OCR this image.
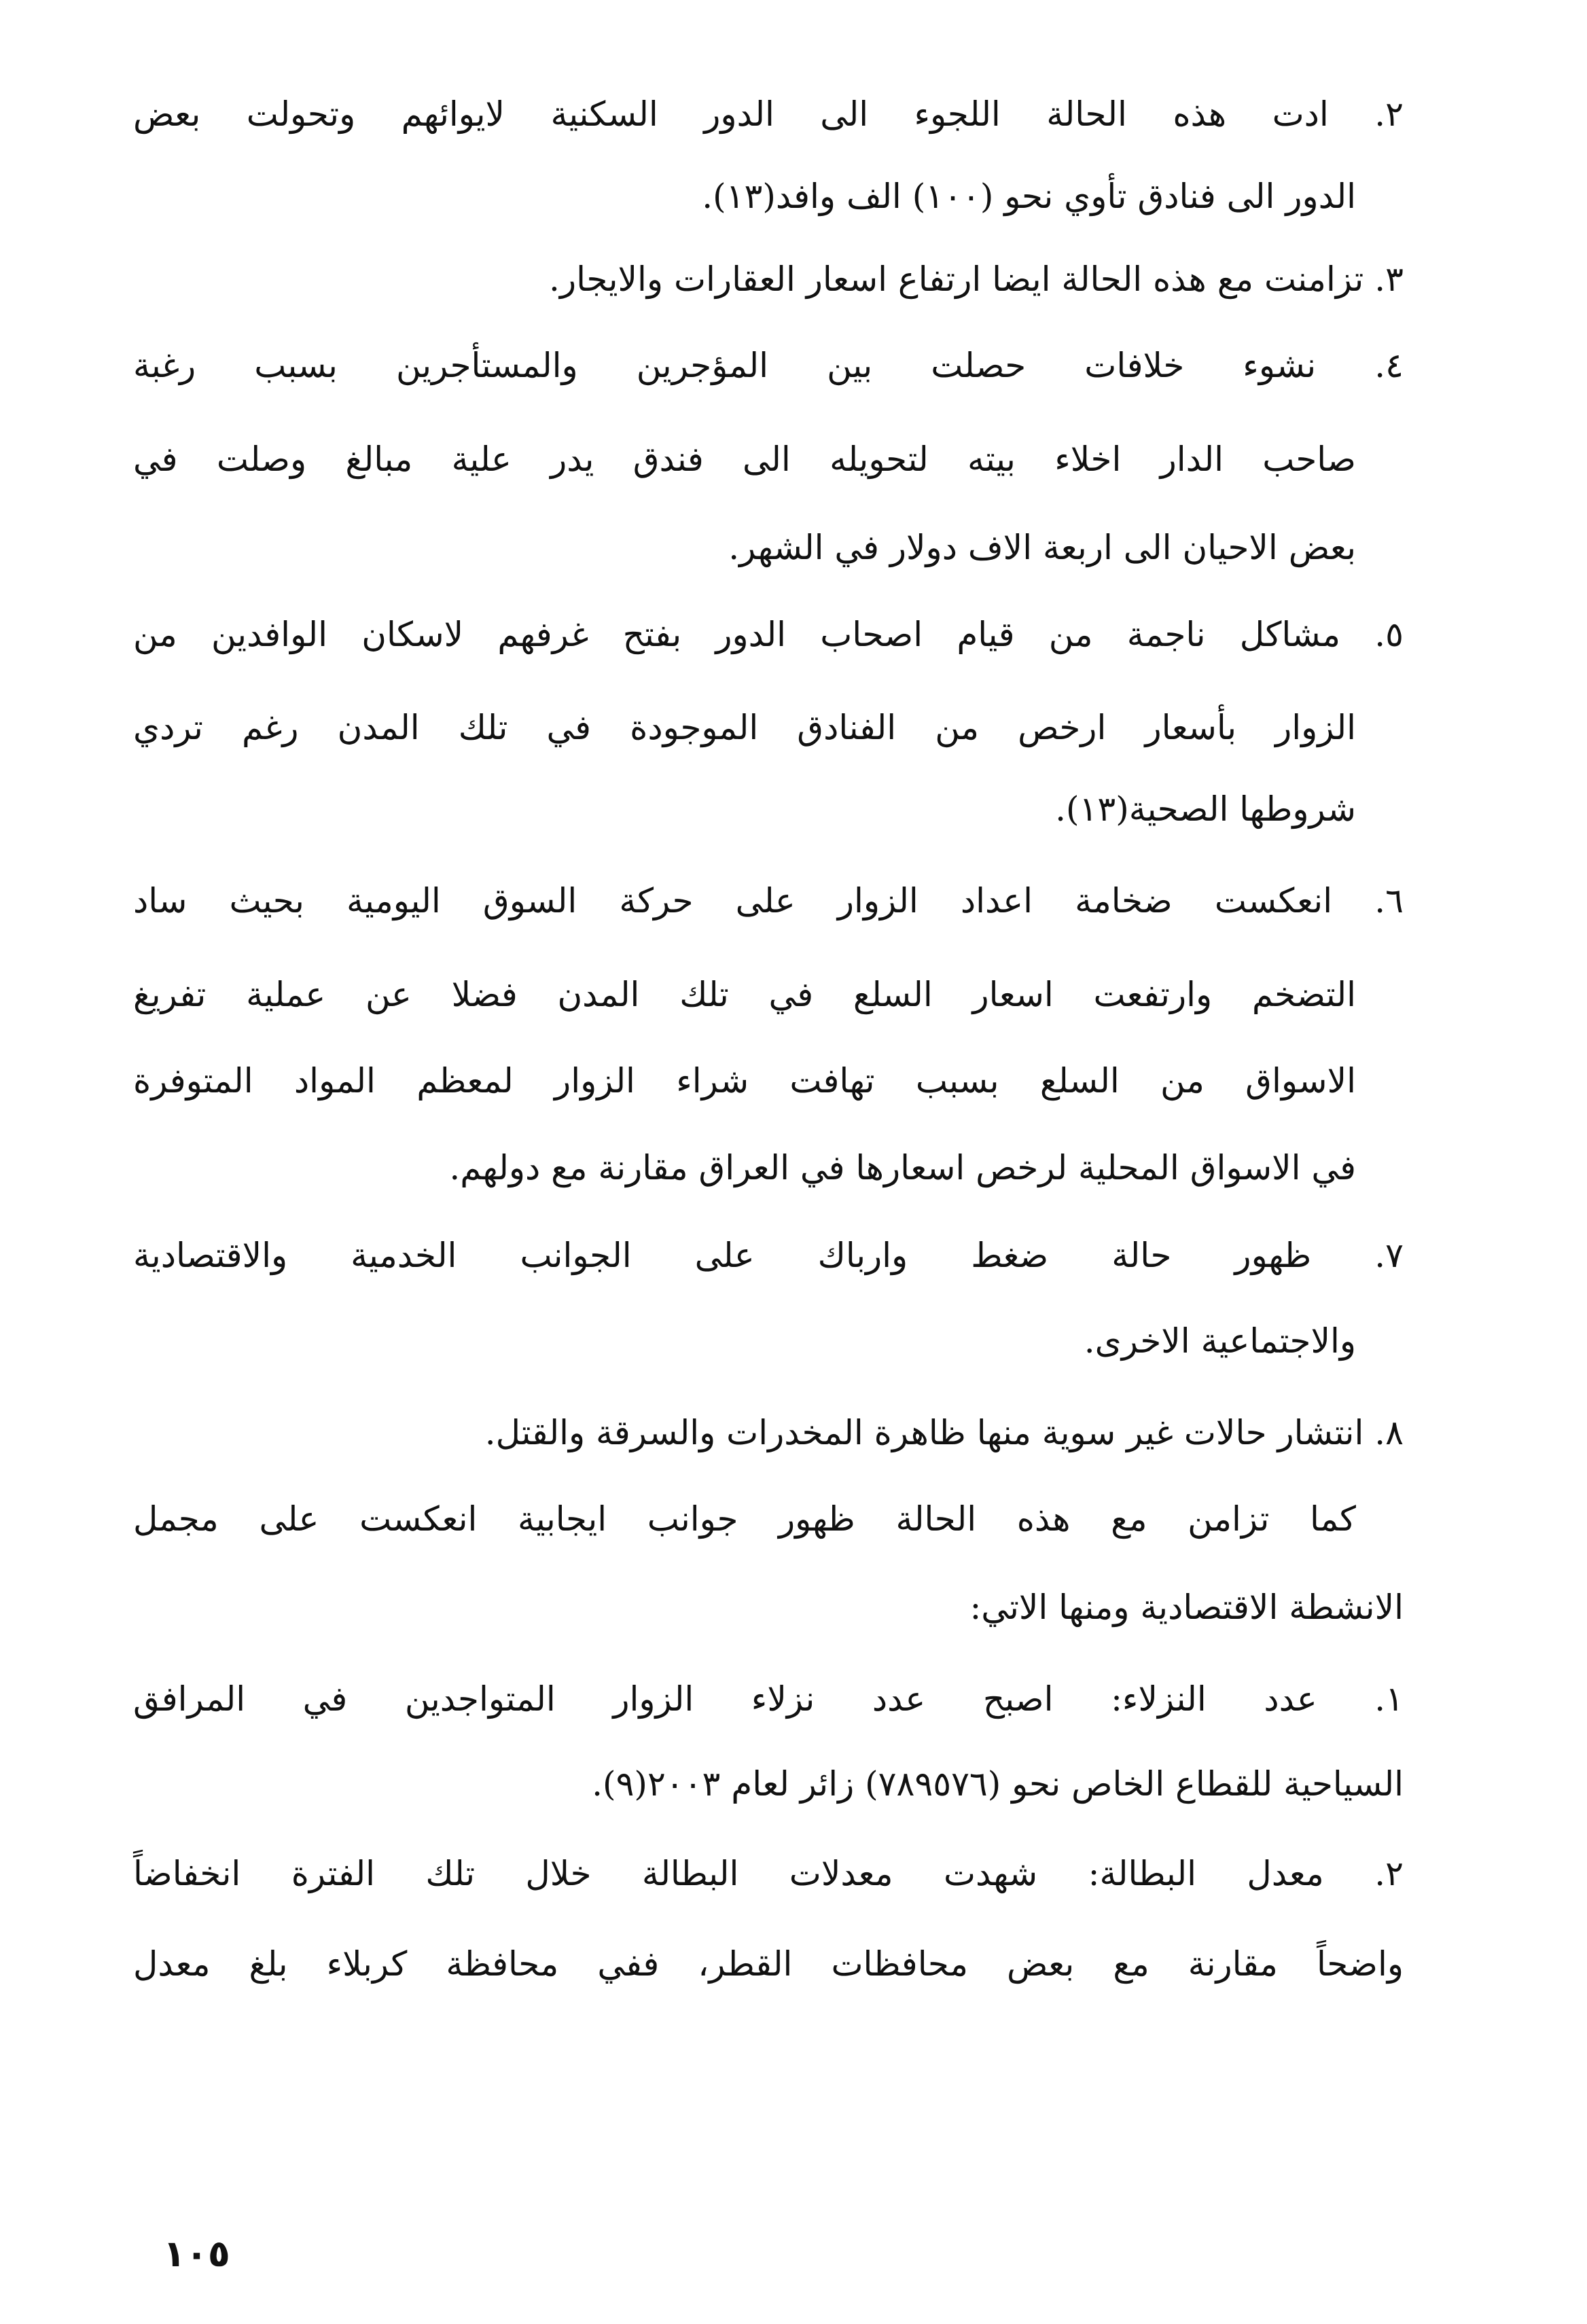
٢. ادت هذه الحالة اللجوء الى الدور السكنية لايوائهم وتحولت بعض
الدور الى فنادق تأوي نحو (١٠٠) الف وافد(١٣).
٣. تزامنت مع هذه الحالة ايضا ارتفاع اسعار العقارات والايجار.
٤. نشوء خلافات حصلت بين المؤجرين والمستأجرين بسبب رغبة
صاحب الدار اخلاء بيته لتحويله الى فندق يدر علية مبالغ وصلت في
بعض الاحيان الى اربعة الاف دولار في الشهر.
٥. مشاكل ناجمة من قيام اصحاب الدور بفتح غرفهم لاسكان الوافدين من
الزوار بأسعار ارخص من الفنادق الموجودة في تلك المدن رغم تردي
شروطها الصحية(١٣).
٦. انعكست ضخامة اعداد الزوار على حركة السوق اليومية بحيث ساد
التضخم وارتفعت اسعار السلع في تلك المدن فضلا عن عملية تفريغ
الاسواق من السلع بسبب تهافت شراء الزوار لمعظم المواد المتوفرة
في الاسواق المحلية لرخص اسعارها في العراق مقارنة مع دولهم.
٧. ظهور حالة ضغط وارباك على الجوانب الخدمية والاقتصادية
والاجتماعية الاخرى.
٨. انتشار حالات غير سوية منها ظاهرة المخدرات والسرقة والقتل.
كما تزامن مع هذه الحالة ظهور جوانب ايجابية انعكست على مجمل
الانشطة الاقتصادية ومنها الاتي:
١. عدد النزلاء: اصبح عدد نزلاء الزوار المتواجدين في المرافق
السياحية للقطاع الخاص نحو (٧٨٩٥٧٦) زائر لعام ٢٠٠٣(٩).
٢. معدل البطالة: شهدت معدلات البطالة خلال تلك الفترة انخفاضاً
واضحاً مقارنة مع بعض محافظات القطر، ففي محافظة كربلاء بلغ معدل
١٠٥
